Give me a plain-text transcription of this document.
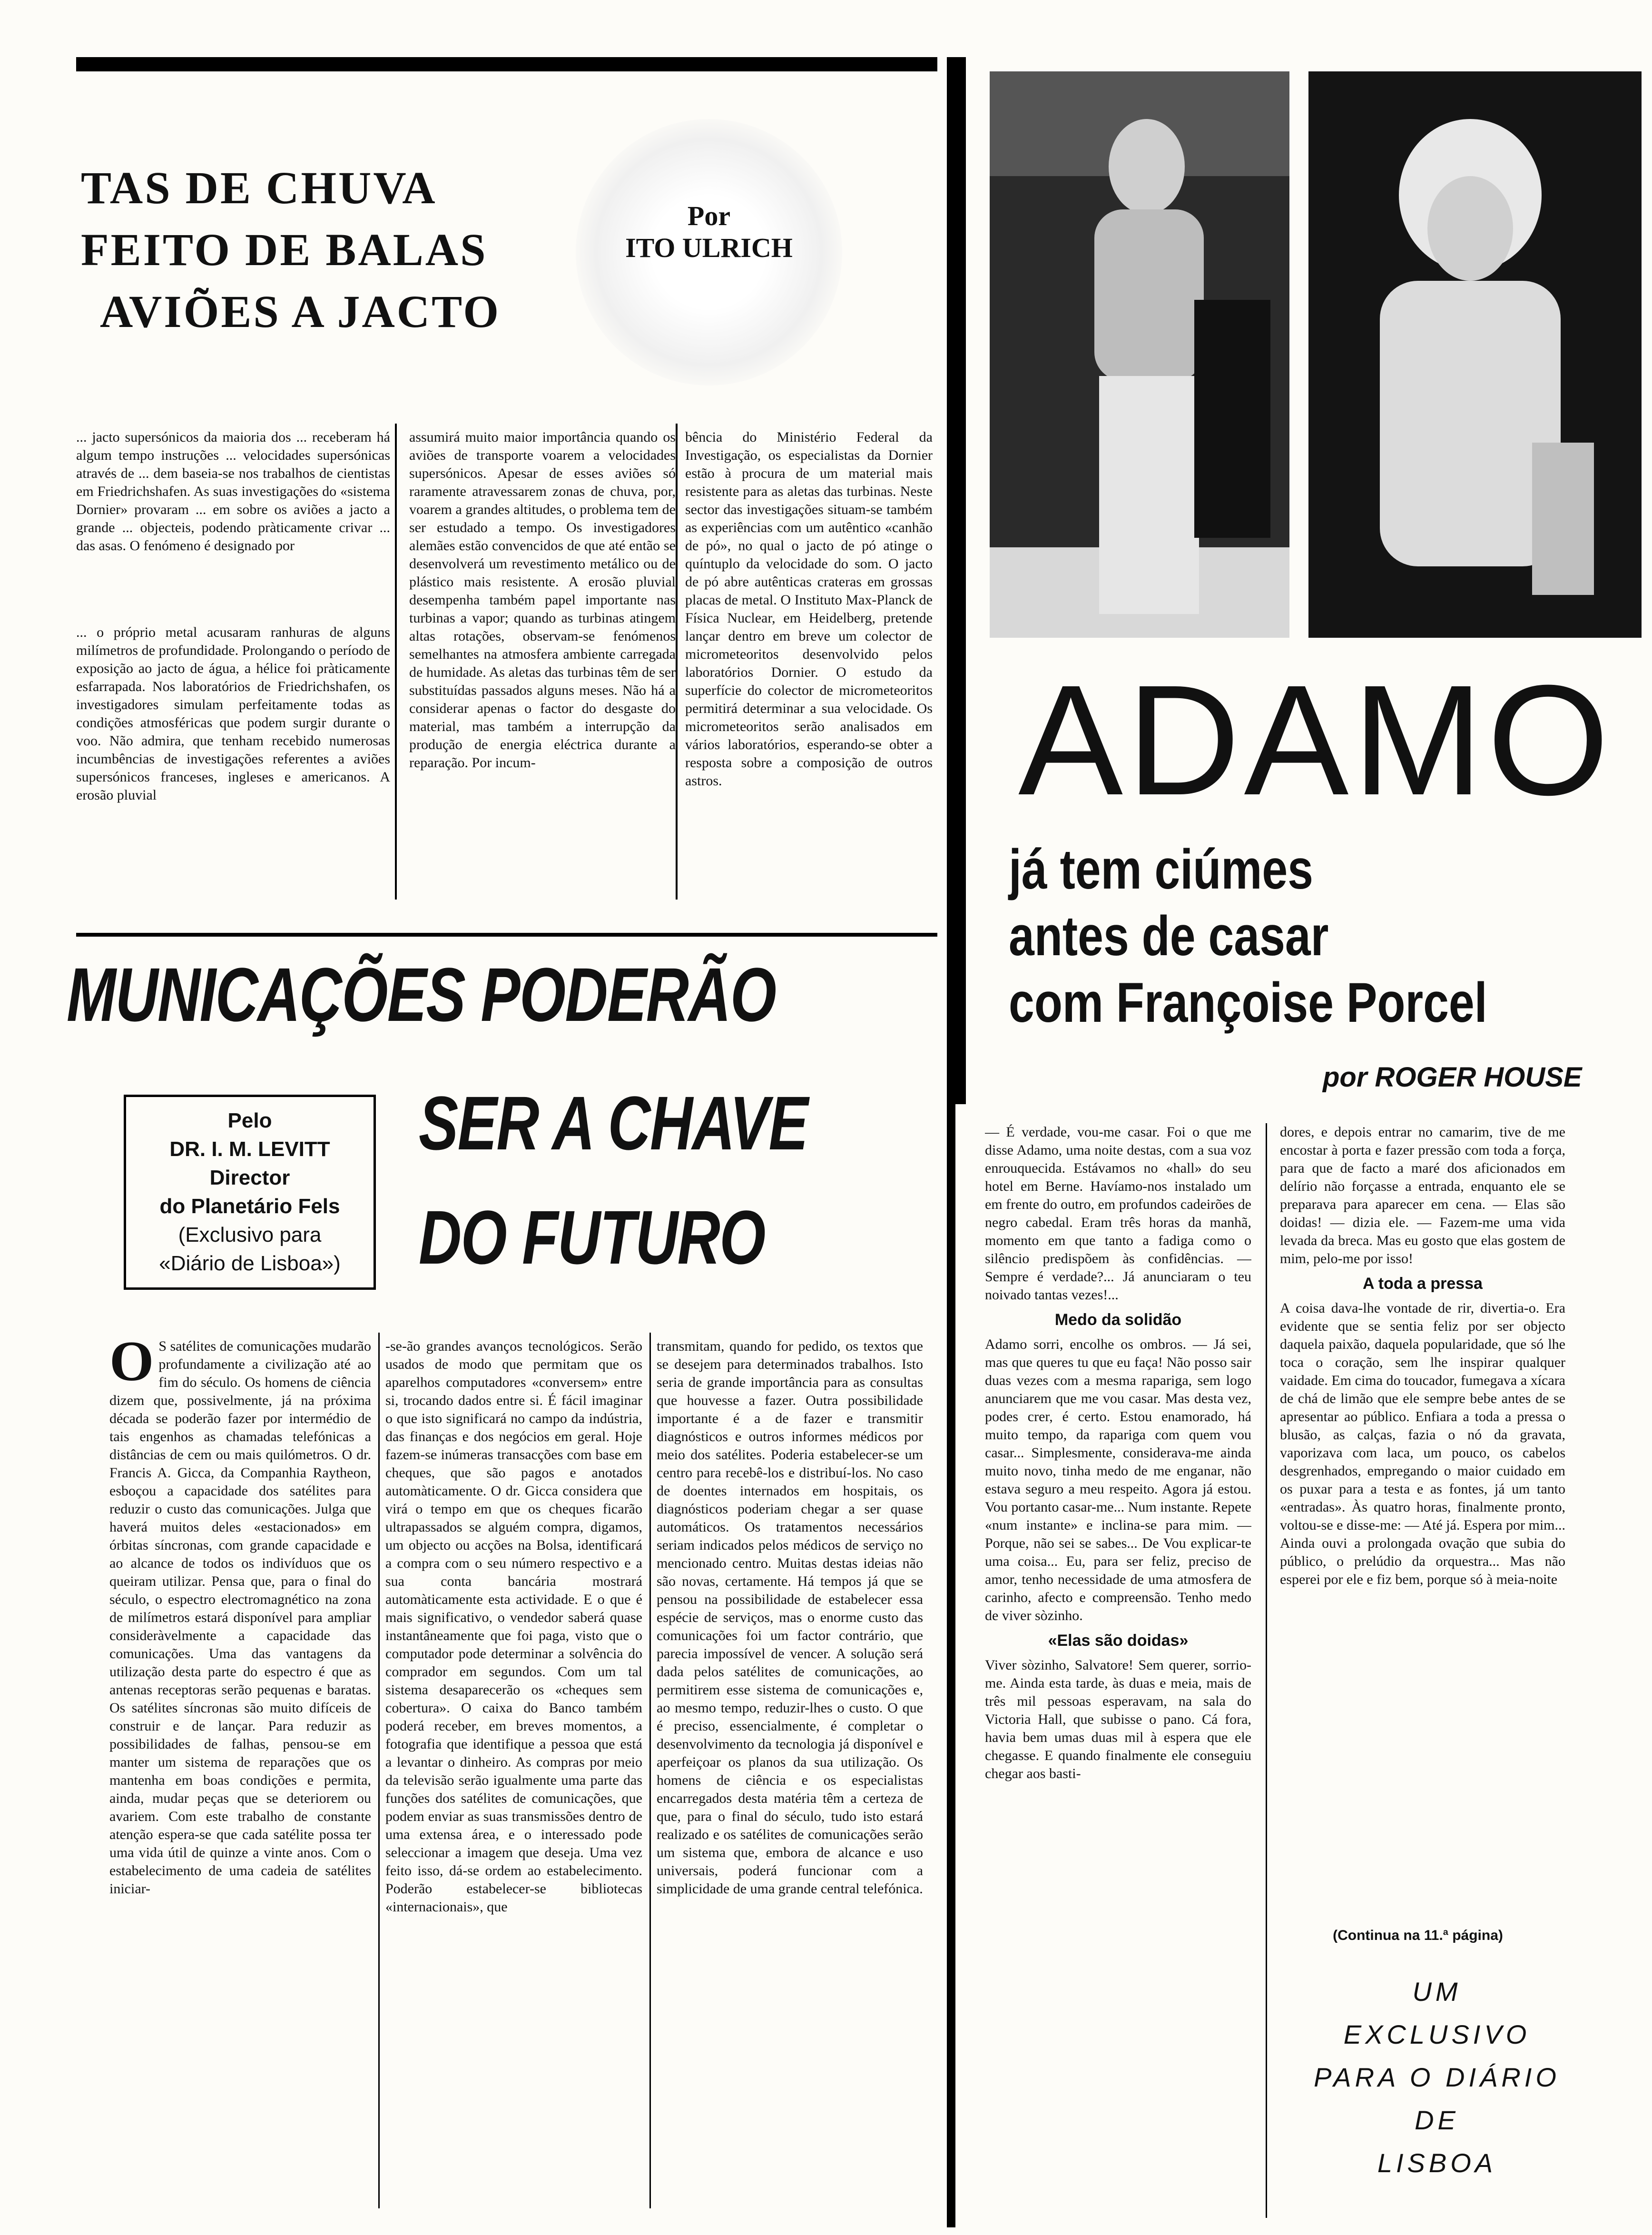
TAS DE CHUVA
FEITO DE BALAS
AVIÕES A JACTO
Por
ITO ULRICH
... jacto supersónicos da maioria dos ... receberam há algum tempo instruções ... velocidades supersónicas através de ... dem baseia-se nos trabalhos de cientistas em Friedrichshafen. As suas investigações do «sistema Dornier» provaram ... em sobre os aviões a jacto a grande ... objecteis, podendo pràticamente crivar ... das asas. O fenómeno é designado por
... o próprio metal acusaram ranhuras de alguns milímetros de profundidade. Prolongando o período de exposição ao jacto de água, a hélice foi pràticamente esfarrapada. Nos laboratórios de Friedrichshafen, os investigadores simulam perfeitamente todas as condições atmosféricas que podem surgir durante o voo. Não admira, que tenham recebido numerosas incumbências de investigações referentes a aviões supersónicos franceses, ingleses e americanos. A erosão pluvial
assumirá muito maior importância quando os aviões de transporte voarem a velocidades supersónicos. Apesar de esses aviões só raramente atravessarem zonas de chuva, por, voarem a grandes altitudes, o problema tem de ser estudado a tempo. Os investigadores alemães estão convencidos de que até então se desenvolverá um revestimento metálico ou de plástico mais resistente. A erosão pluvial desempenha também papel importante nas turbinas a vapor; quando as turbinas atingem altas rotações, observam-se fenómenos semelhantes na atmosfera ambiente carregada de humidade. As aletas das turbinas têm de ser substituídas passados alguns meses. Não há a considerar apenas o factor do desgaste do material, mas também a interrupção da produção de energia eléctrica durante a reparação. Por incum-
bência do Ministério Federal da Investigação, os especialistas da Dornier estão à procura de um material mais resistente para as aletas das turbinas. Neste sector das investigações situam-se também as experiências com um autêntico «canhão de pó», no qual o jacto de pó atinge o quíntuplo da velocidade do som. O jacto de pó abre autênticas crateras em grossas placas de metal. O Instituto Max-Planck de Física Nuclear, em Heidelberg, pretende lançar dentro em breve um colector de micrometeoritos desenvolvido pelos laboratórios Dornier. O estudo da superfície do colector de micrometeoritos permitirá determinar a sua velocidade. Os micrometeoritos serão analisados em vários laboratórios, esperando-se obter a resposta sobre a composição de outros astros.
MUNICAÇÕES PODERÃO
SER A CHAVE
DO FUTURO
Pelo
DR. I. M. LEVITT
Director
do Planetário Fels
(Exclusivo para
«Diário de Lisboa»)
O S satélites de comunicações mudarão profundamente a civilização até ao fim do século. Os homens de ciência dizem que, possivelmente, já na próxima década se poderão fazer por intermédio de tais engenhos as chamadas telefónicas a distâncias de cem ou mais quilómetros. O dr. Francis A. Gicca, da Companhia Raytheon, esboçou a capacidade dos satélites para reduzir o custo das comunicações. Julga que haverá muitos deles «estacionados» em órbitas síncronas, com grande capacidade e ao alcance de todos os indivíduos que os queiram utilizar. Pensa que, para o final do século, o espectro electromagnético na zona de milímetros estará disponível para ampliar consideràvelmente a capacidade das comunicações. Uma das vantagens da utilização desta parte do espectro é que as antenas receptoras serão pequenas e baratas. Os satélites síncronas são muito difíceis de construir e de lançar. Para reduzir as possibilidades de falhas, pensou-se em manter um sistema de reparações que os mantenha em boas condições e permita, ainda, mudar peças que se deteriorem ou avariem. Com este trabalho de constante atenção espera-se que cada satélite possa ter uma vida útil de quinze a vinte anos. Com o estabelecimento de uma cadeia de satélites iniciar-
-se-ão grandes avanços tecnológicos. Serão usados de modo que permitam que os aparelhos computadores «conversem» entre si, trocando dados entre si. É fácil imaginar o que isto significará no campo da indústria, das finanças e dos negócios em geral. Hoje fazem-se inúmeras transacções com base em cheques, que são pagos e anotados automàticamente. O dr. Gicca considera que virá o tempo em que os cheques ficarão ultrapassados se alguém compra, digamos, um objecto ou acções na Bolsa, identificará a compra com o seu número respectivo e a sua conta bancária mostrará automàticamente esta actividade. E o que é mais significativo, o vendedor saberá quase instantâneamente que foi paga, visto que o computador pode determinar a solvência do comprador em segundos. Com um tal sistema desaparecerão os «cheques sem cobertura». O caixa do Banco também poderá receber, em breves momentos, a fotografia que identifique a pessoa que está a levantar o dinheiro. As compras por meio da televisão serão igualmente uma parte das funções dos satélites de comunicações, que podem enviar as suas transmissões dentro de uma extensa área, e o interessado pode seleccionar a imagem que deseja. Uma vez feito isso, dá-se ordem ao estabelecimento. Poderão estabelecer-se bibliotecas «internacionais», que
transmitam, quando for pedido, os textos que se desejem para determinados trabalhos. Isto seria de grande importância para as consultas que houvesse a fazer. Outra possibilidade importante é a de fazer e transmitir diagnósticos e outros informes médicos por meio dos satélites. Poderia estabelecer-se um centro para recebê-los e distribuí-los. No caso de doentes internados em hospitais, os diagnósticos poderiam chegar a ser quase automáticos. Os tratamentos necessários seriam indicados pelos médicos de serviço no mencionado centro. Muitas destas ideias não são novas, certamente. Há tempos já que se pensou na possibilidade de estabelecer essa espécie de serviços, mas o enorme custo das comunicações foi um factor contrário, que parecia impossível de vencer. A solução será dada pelos satélites de comunicações, ao permitirem esse sistema de comunicações e, ao mesmo tempo, reduzir-lhes o custo. O que é preciso, essencialmente, é completar o desenvolvimento da tecnologia já disponível e aperfeiçoar os planos da sua utilização. Os homens de ciência e os especialistas encarregados desta matéria têm a certeza de que, para o final do século, tudo isto estará realizado e os satélites de comunicações serão um sistema que, embora de alcance e uso universais, poderá funcionar com a simplicidade de uma grande central telefónica.
ADAMO
já tem ciúmes
antes de casar
com Françoise Porcel
por ROGER HOUSE
— É verdade, vou-me casar. Foi o que me disse Adamo, uma noite destas, com a sua voz enrouquecida. Estávamos no «hall» do seu hotel em Berne. Havíamo-nos instalado um em frente do outro, em profundos cadeirões de negro cabedal. Eram três horas da manhã, momento em que tanto a fadiga como o silêncio predispõem às confidências. — Sempre é verdade?... Já anunciaram o teu noivado tantas vezes!...
Medo da solidão
Adamo sorri, encolhe os ombros. — Já sei, mas que queres tu que eu faça! Não posso sair duas vezes com a mesma rapariga, sem logo anunciarem que me vou casar. Mas desta vez, podes crer, é certo. Estou enamorado, há muito tempo, da rapariga com quem vou casar... Simplesmente, considerava-me ainda muito novo, tinha medo de me enganar, não estava seguro a meu respeito. Agora já estou. Vou portanto casar-me... Num instante. Repete «num instante» e inclina-se para mim. — Porque, não sei se sabes... De Vou explicar-te uma coisa... Eu, para ser feliz, preciso de amor, tenho necessidade de uma atmosfera de carinho, afecto e compreensão. Tenho medo de viver sòzinho.
«Elas são doidas»
Viver sòzinho, Salvatore! Sem querer, sorrio-me. Ainda esta tarde, às duas e meia, mais de três mil pessoas esperavam, na sala do Victoria Hall, que subisse o pano. Cá fora, havia bem umas duas mil à espera que ele chegasse. E quando finalmente ele conseguiu chegar aos basti-
dores, e depois entrar no camarim, tive de me encostar à porta e fazer pressão com toda a força, para que de facto a maré dos aficionados em delírio não forçasse a entrada, enquanto ele se preparava para aparecer em cena. — Elas são doidas! — dizia ele. — Fazem-me uma vida levada da breca. Mas eu gosto que elas gostem de mim, pelo-me por isso!
A toda a pressa
A coisa dava-lhe vontade de rir, divertia-o. Era evidente que se sentia feliz por ser objecto daquela paixão, daquela popularidade, que só lhe toca o coração, sem lhe inspirar qualquer vaidade. Em cima do toucador, fumegava a xícara de chá de limão que ele sempre bebe antes de se apresentar ao público. Enfiara a toda a pressa o blusão, as calças, fazia o nó da gravata, vaporizava com laca, um pouco, os cabelos desgrenhados, empregando o maior cuidado em os puxar para a testa e as fontes, já um tanto «entradas». Às quatro horas, finalmente pronto, voltou-se e disse-me: — Até já. Espera por mim... Ainda ouvi a prolongada ovação que subia do público, o prelúdio da orquestra... Mas não esperei por ele e fiz bem, porque só à meia-noite
(Continua na 11.ª página)
UM
EXCLUSIVO
PARA O DIÁRIO
DE
LISBOA
